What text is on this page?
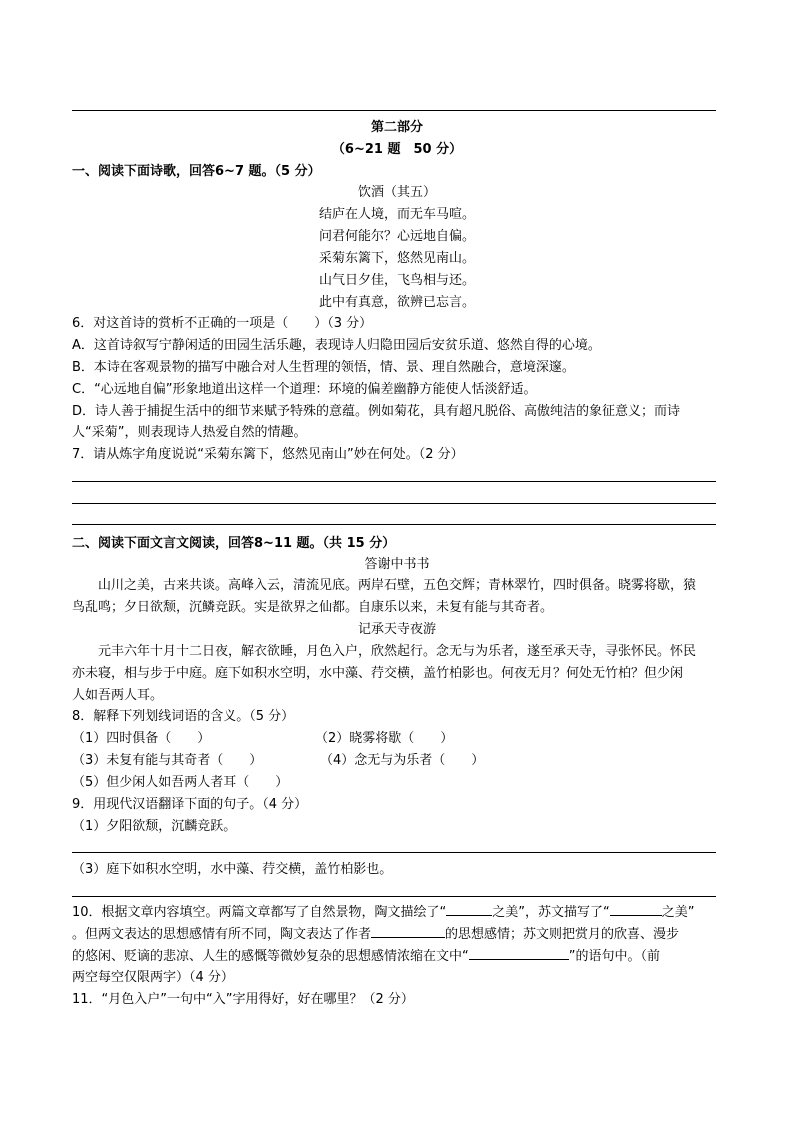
第二部分
（6~21 题　50 分）
一、阅读下面诗歌，回答6~7 题。（5 分）
饮酒（其五）
结庐在人境，而无车马喧。
问君何能尔？心远地自偏。
采菊东篱下，悠然见南山。
山气日夕佳，飞鸟相与还。
此中有真意，欲辨已忘言。
6．对这首诗的赏析不正确的一项是（　　）（3 分）
A．这首诗叙写宁静闲适的田园生活乐趣，表现诗人归隐田园后安贫乐道、悠然自得的心境。
B．本诗在客观景物的描写中融合对人生哲理的领悟，情、景、理自然融合，意境深邃。
C．“心远地自偏”形象地道出这样一个道理：环境的偏差幽静方能使人恬淡舒适。
D．诗人善于捕捉生活中的细节来赋予特殊的意蕴。例如菊花，具有超凡脱俗、高傲纯洁的象征意义；而诗
人“采菊”，则表现诗人热爱自然的情趣。
7．请从炼字角度说说“采菊东篱下，悠然见南山”妙在何处。（2 分）
二、阅读下面文言文阅读，回答8~11 题。（共 15 分）
答谢中书书
　　山川之美，古来共谈。高峰入云，清流见底。两岸石壁，五色交辉；青林翠竹，四时俱备。晓雾将歇，猿
鸟乱鸣；夕日欲颓，沉鳞竞跃。实是欲界之仙都。自康乐以来，未复有能与其奇者。
记承天寺夜游
　　元丰六年十月十二日夜，解衣欲睡，月色入户，欣然起行。念无与为乐者，遂至承天寺，寻张怀民。怀民
亦未寝，相与步于中庭。庭下如积水空明，水中藻、荇交横，盖竹柏影也。何夜无月？何处无竹柏？但少闲
人如吾两人耳。
8．解释下列划线词语的含义。（5 分）
（1）四时俱备（　　）	（2）晓雾将歇（　　）
（3）未复有能与其奇者（　　）	（4）念无与为乐者（　　）
（5）但少闲人如吾两人者耳（　　）
9．用现代汉语翻译下面的句子。（4 分）
（1）夕阳欲颓，沉麟竞跃。
（3）庭下如积水空明，水中藻、荇交横，盖竹柏影也。
10．根据文章内容填空。两篇文章都写了自然景物，陶文描绘了“	之美”，苏文描写了“	之美”
。但两文表达的思想感情有所不同，陶文表达了作者	的思想感情；苏文则把赏月的欣喜、漫步
的悠闲、贬谪的悲凉、人生的感慨等微妙复杂的思想感情浓缩在文中“	”的语句中。（前
两空每空仅限两字）（4 分）
11．“月色入户”一句中“入”字用得好，好在哪里？（2 分）
